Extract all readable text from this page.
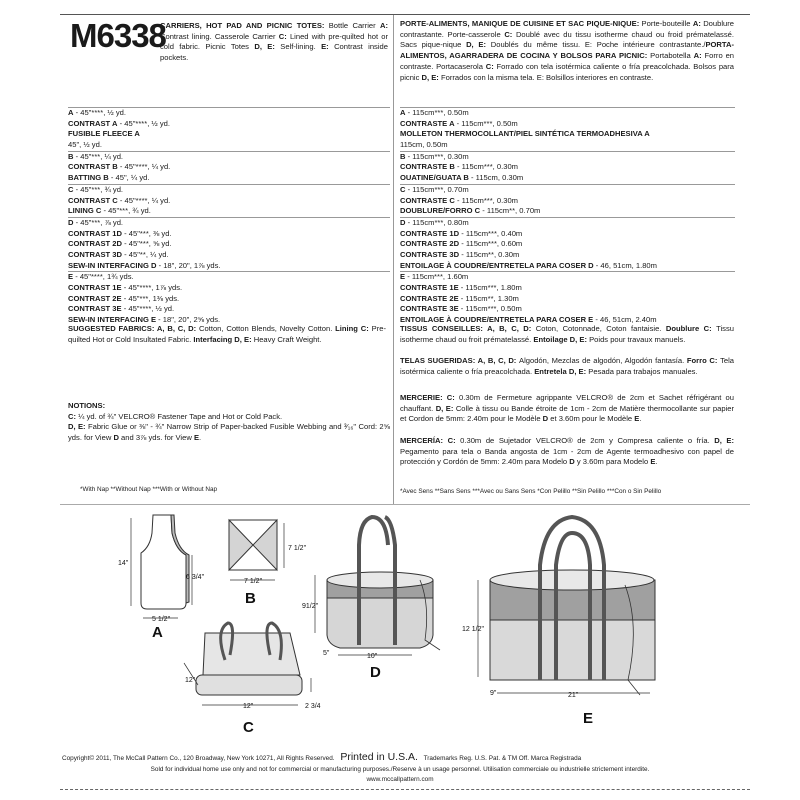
M6338
CARRIERS, HOT PAD AND PICNIC TOTES: Bottle Carrier A: Contrast lining. Casserole Carrier C: Lined with pre-quilted hot or cold fabric. Picnic Totes D, E: Self-lining. E: Contrast inside pockets.
PORTE-ALIMENTS, MANIQUE DE CUISINE ET SAC PIQUE-NIQUE: Porte-bouteille A: Doublure contrastante. Porte-casserole C: Doublé avec du tissu isotherme chaud ou froid prématelassé. Sacs pique-nique D, E: Doublés du même tissu. E: Poche intérieure contrastante./PORTA-ALIMENTOS, AGARRADERA DE COCINA Y BOLSOS PARA PICNIC: Portabotella A: Forro en contraste. Portacaserola C: Forrado con tela isotérmica caliente o fría preacolchada. Bolsos para picnic D, E: Forrados con la misma tela. E: Bolsillos interiores en contraste.
A - 45"****, ½ yd.
CONTRAST A - 45"****, ½ yd.
FUSIBLE FLEECE A
45", ½ yd.
B - 45"***, ¼ yd.
CONTRAST B - 45"****, ¼ yd.
BATTING B - 45", ¼ yd.
C - 45"***, ¾ yd.
CONTRAST C - 45"****, ¼ yd.
LINING C - 45"***, ¾ yd.
D - 45"***, ⅞ yd.
CONTRAST 1D - 45"***, ⅜ yd.
CONTRAST 2D - 45"***, ⅝ yd.
CONTRAST 3D - 45"**, ¼ yd.
SEW-IN INTERFACING D - 18", 20", 1⅞ yds.
E - 45"****, 1¾ yds.
CONTRAST 1E - 45"****, 1⅞ yds.
CONTRAST 2E - 45"***, 1⅜ yds.
CONTRAST 3E - 45"****, ½ yd.
SEW-IN INTERFACING E - 18", 20", 2⅝ yds.
A - 115cm***, 0.50m
CONTRASTE A - 115cm***, 0.50m
MOLLETON THERMOCOLLANT/PIEL SINTÉTICA TERMOADHESIVA A
115cm, 0.50m
B - 115cm***, 0.30m
CONTRASTE B - 115cm***, 0.30m
OUATINE/GUATA B - 115cm, 0.30m
C - 115cm***, 0.70m
CONTRASTE C - 115cm***, 0.30m
DOUBLURE/FORRO C - 115cm**, 0.70m
D - 115cm***, 0.80m
CONTRASTE 1D - 115cm***, 0.40m
CONTRASTE 2D - 115cm***, 0.60m
CONTRASTE 3D - 115cm**, 0.30m
ENTOILAGE À COUDRE/ENTRETELA PARA COSER D - 46, 51cm, 1.80m
E - 115cm***, 1.60m
CONTRASTE 1E - 115cm***, 1.80m
CONTRASTE 2E - 115cm**, 1.30m
CONTRASTE 3E - 115cm***, 0.50m
ENTOILAGE À COUDRE/ENTRETELA PARA COSER E - 46, 51cm, 2.40m
SUGGESTED FABRICS: A, B, C, D: Cotton, Cotton Blends, Novelty Cotton. Lining C: Pre-quilted Hot or Cold Insultated Fabric. Interfacing D, E: Heavy Craft Weight.
TISSUS CONSEILLES: A, B, C, D: Coton, Cotonnade, Coton fantaisie. Doublure C: Tissu isotherme chaud ou froit prématelassé. Entoilage D, E: Poids pour travaux manuels.
TELAS SUGERIDAS: A, B, C, D: Algodón, Mezclas de algodón, Algodón fantasía. Forro C: Tela isotérmica caliente o fría preacolchada. Entretela D, E: Pesada para trabajos manuales.
NOTIONS:
C: ¼ yd. of ¾" VELCRO® Fastener Tape and Hot or Cold Pack.
D, E: Fabric Glue or ⅜" - ¾" Narrow Strip of Paper-backed Fusible Webbing and ³⁄₁₆" Cord: 2⅝ yds. for View D and 3⅞ yds. for View E.
MERCERIE: C: 0.30m de Fermeture agrippante VELCRO® de 2cm et Sachet réfrigérant ou chauffant. D, E: Colle à tissu ou Bande étroite de 1cm - 2cm de Matière thermocollante sur papier et Cordon de 5mm: 2.40m pour le Modèle D et 3.60m pour le Modèle E.
MERCERÍA: C: 0.30m de Sujetador VELCRO® de 2cm y Compresa caliente o fría. D, E: Pegamento para tela o Banda angosta de 1cm - 2cm de Agente termoadhesivo con papel de protección y Cordón de 5mm: 2.40m para Modelo D y 3.60m para Modelo E.
*With Nap **Without Nap ***With or Without Nap	*Avec Sens **Sans Sens ***Avec ou Sans Sens *Con Pelillo **Sin Pelillo ***Con o Sin Pelillo
14"
6 3/4"
5 1/2"
7 1/2"
7 1/2"
12"
2 3/4
12"
91/2"
5"	10"
12 1/2"
9"	21"
A
B
C
D
E
Copyright© 2011, The McCall Pattern Co., 120 Broadway, New York 10271, All Rights Reserved. Printed in U.S.A. Trademarks Reg. U.S. Pat. & TM Off. Marca Registrada
Sold for individual home use only and not for commercial or manufacturing purposes./Reserve à un usage personnel. Utilisation commerciale ou industrielle strictement interdite.
www.mccallpattern.com
